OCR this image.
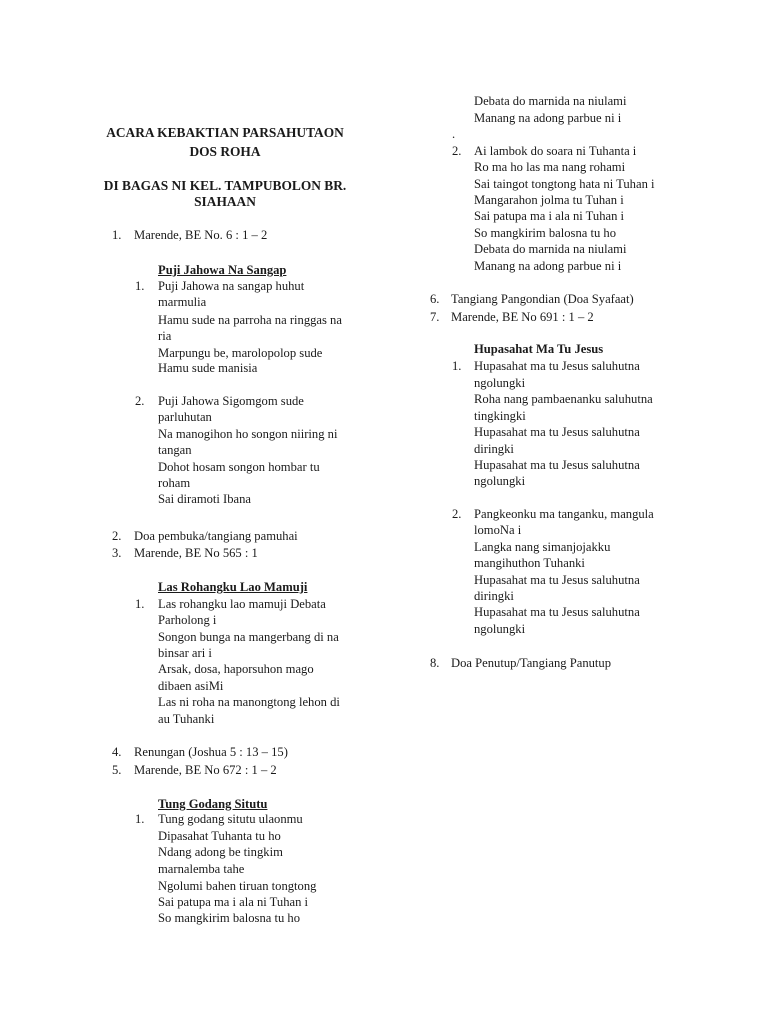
ACARA KEBAKTIAN PARSAHUTAON
DOS ROHA
DI BAGAS NI KEL. TAMPUBOLON BR.
SIAHAAN
1. Marende, BE No. 6 : 1 – 2
Puji Jahowa Na Sangap
1. Puji Jahowa na sangap huhut
marmulia
Hamu sude na parroha na ringgas na
ria
Marpungu be, marolopolop sude
Hamu sude manisia
2. Puji Jahowa Sigomgom sude
parluhutan
Na manogihon ho songon niiring ni
tangan
Dohot hosam songon hombar tu
roham
Sai diramoti Ibana
2. Doa pembuka/tangiang pamuhai
3. Marende, BE No 565 : 1
Las Rohangku Lao Mamuji
1. Las rohangku lao mamuji Debata
Parholong i
Songon bunga na mangerbang di na
binsar ari i
Arsak, dosa, haporsuhon mago
dibaen asiMi
Las ni roha na manongtong lehon di
au Tuhanki
4. Renungan (Joshua 5 : 13 – 15)
5. Marende, BE No 672 : 1 – 2
Tung Godang Situtu
1. Tung godang situtu ulaonmu
Dipasahat Tuhanta tu ho
Ndang adong be tingkim
marnalemba tahe
Ngolumi bahen tiruan tongtong
Sai patupa ma i ala ni Tuhan i
So mangkirim balosna tu ho
Debata do marnida na niulami
Manang na adong parbue ni i
.
2. Ai lambok do soara ni Tuhanta i
Ro ma ho las ma nang rohami
Sai taingot tongtong hata ni Tuhan i
Mangarahon jolma tu Tuhan i
Sai patupa ma i ala ni Tuhan i
So mangkirim balosna tu ho
Debata do marnida na niulami
Manang na adong parbue ni i
6. Tangiang Pangondian (Doa Syafaat)
7. Marende, BE No 691 : 1 – 2
Hupasahat Ma Tu Jesus
1. Hupasahat ma tu Jesus saluhutna
ngolungki
Roha nang pambaenanku saluhutna
tingkingki
Hupasahat ma tu Jesus saluhutna
diringki
Hupasahat ma tu Jesus saluhutna
ngolungki
2. Pangkeonku ma tanganku, mangula
lomoNa i
Langka nang simanjojakku
mangihuthon Tuhanki
Hupasahat ma tu Jesus saluhutna
diringki
Hupasahat ma tu Jesus saluhutna
ngolungki
8. Doa Penutup/Tangiang Panutup
